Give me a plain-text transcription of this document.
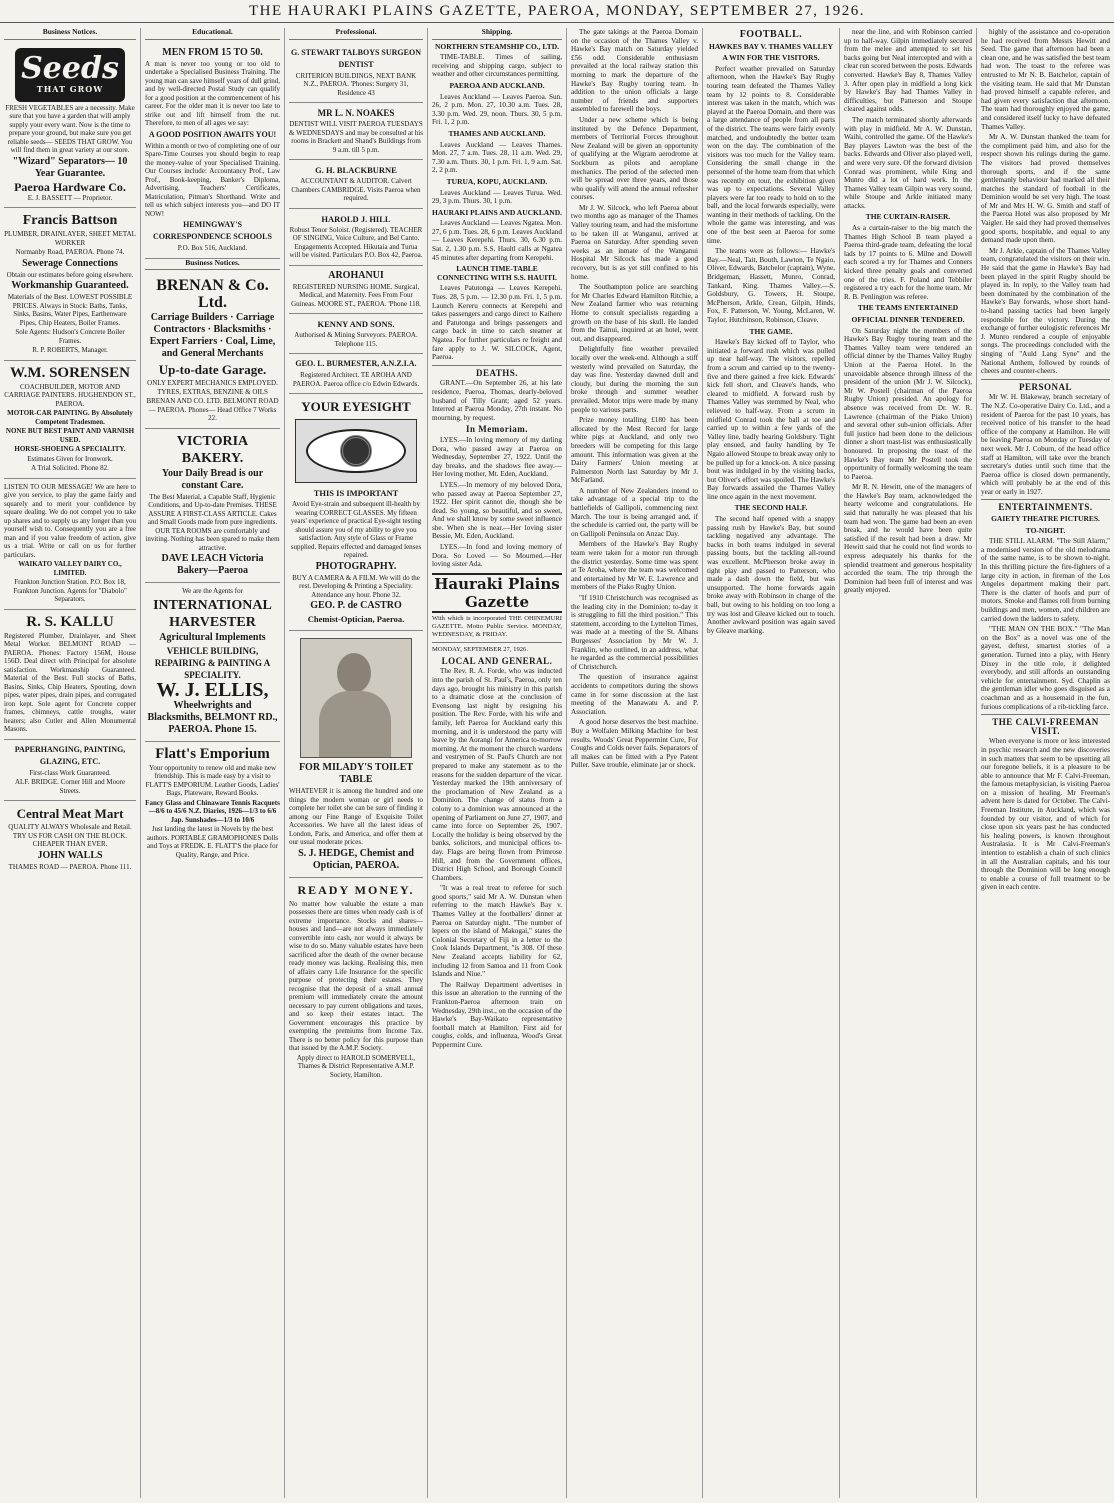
THE HAURAKI PLAINS GAZETTE, PAEROA, MONDAY, SEPTEMBER 27, 1926.
Business Notices.
Seeds
THAT GROW

FRESH VEGETABLES are a necessity. Make sure that you have a garden that will amply supply your every want. Now is the time to prepare your ground, but make sure you get reliable seeds— SEEDS THAT GROW. You will find them in great variety at our store.

"Wizard" Separators— 10 Year Guarantee.

Paeroa Hardware Co.

E. J. BASSETT — Proprietor.

Francis Battson

PLUMBER, DRAINLAYER, SHEET METAL WORKER

Normanby Road, PAEROA. Phone 74.

Sewerage Connections

Obtain our estimates before going elsewhere.

Workmanship Guaranteed.

Materials of the Best. LOWEST POSSIBLE PRICES. Always in Stock: Baths, Tanks, Sinks, Basins, Water Pipes, Earthenware Pipes, Chip Heaters, Boiler Frames.

Sole Agents: Hudson's Concrete Boiler Frames.

R. P. ROBERTS, Manager.

W.M. SORENSEN

COACHBUILDER, MOTOR AND CARRIAGE PAINTERS. HUGHENDON ST., PAEROA.

MOTOR-CAR PAINTING. By Absolutely Competent Tradesmen.

NONE BUT BEST PAINT AND VARNISH USED.

HORSE-SHOEING A SPECIALITY.

Estimates Given for Ironwork.

A Trial Solicited. Phone 82.

LISTEN TO OUR MESSAGE! We are here to give you service, to play the game fairly and squarely and to merit your confidence by square dealing. We do not compel you to take up shares and to supply us any longer than you yourself wish to. Consequently you are a free man and if you value freedom of action, give us a trial. Write or call on us for further particulars.

WAIKATO VALLEY DAIRY CO., LIMITED.

Frankton Junction Station. P.O. Box 18, Frankton Junction. Agents for "Diabolo" Separators.

R. S. KALLU

Registered Plumber, Drainlayer, and Sheet Metal Worker. BELMONT ROAD — PAEROA. Phones: Factory 156M, House 156D. Deal direct with Principal for absolute satisfaction. Workmanship Guaranteed. Material of the Best. Full stocks of Baths, Basins, Sinks, Chip Heaters, Spouting, down pipes, water pipes, drain pipes, and corrugated iron kept. Sole agent for Concrete copper frames, chimneys, cattle troughs, water heaters; also Cutler and Allen Monumental Masons.

PAPERHANGING, PAINTING, GLAZING, ETC.

First-class Work Guaranteed.

ALF. BRIDGE. Corner Hill and Moore Streets.

Central Meat Mart

QUALITY ALWAYS Wholesale and Retail. TRY US FOR CASH ON THE BLOCK. CHEAPER THAN EVER.

JOHN WALLS

THAMES ROAD — PAEROA. Phone 111.

Educational.

MEN FROM 15 TO 50.

A man is never too young or too old to undertake a Specialised Business Training. The young man can save himself years of dull grind, and by well-directed Postal Study can qualify for a good position at the commencement of his career. For the older man it is never too late to strike out and lift himself from the rut. Therefore, to men of all ages we say:

A GOOD POSITION AWAITS YOU!

Within a month or two of completing one of our Spare-Time Courses you should begin to reap the money-value of your Specialised Training. Our Courses include: Accountancy Prof., Law Prof., Book-keeping, Banker's Diploma, Advertising, Teachers' Certificates, Matriculation, Pitman's Shorthand. Write and tell us which subject interests you—and DO IT NOW!

HEMINGWAY'S CORRESPONDENCE SCHOOLS

P.O. Box 516, Auckland.

Business Notices.

BRENAN & Co. Ltd.

Carriage Builders · Carriage Contractors · Blacksmiths · Expert Farriers · Coal, Lime, and General Merchants

Up-to-date Garage.

ONLY EXPERT MECHANICS EMPLOYED. TYRES, EXTRAS, BENZINE & OILS

BRENAN AND CO. LTD. BELMONT ROAD — PAEROA. Phones— Head Office 7 Works 22.

VICTORIA BAKERY.

Your Daily Bread is our constant Care.

The Best Material, a Capable Staff, Hygienic Conditions, and Up-to-date Premises. THESE ASSURE A FIRST-CLASS ARTICLE. Cakes and Small Goods made from pure ingredients. OUR TEA ROOMS are comfortably and inviting. Nothing has been spared to make them attractive.

DAVE LEACH Victoria Bakery—Paeroa

We are the Agents for

INTERNATIONAL HARVESTER

Agricultural Implements

VEHICLE BUILDING, REPAIRING & PAINTING A SPECIALITY.

W. J. ELLIS,

Wheelwrights and Blacksmiths, BELMONT RD., PAEROA. Phone 15.

Flatt's Emporium

Your opportunity to renew old and make new friendship. This is made easy by a visit to FLATT'S EMPORIUM. Leather Goods, Ladies' Bags, Plateware, Reward Books.

Fancy Glass and Chinaware Tennis Racquets—8/6 to 45/6 N.Z. Diaries, 1926—1/3 to 6/6 Jap. Sunshades—1/3 to 10/6

Just landing the latest in Novels by the best authors. PORTABLE GRAMOPHONES Dolls and Toys at FREDK. E. FLATT'S the place for Quality, Range, and Price.

Professional.

G. STEWART TALBOYS SURGEON DENTIST

CRITERION BUILDINGS, NEXT BANK N.Z., PAEROA. 'Phones: Surgery 31, Residence 43

MR L. N. NOAKES

DENTIST WILL VISIT PAEROA TUESDAYS & WEDNESDAYS and may be consulted at his rooms in Brackett and Shand's Buildings from 9 a.m. till 5 p.m.

G. H. BLACKBURNE

ACCOUNTANT & AUDITOR. Calvert Chambers CAMBRIDGE. Visits Paeroa when required.

HAROLD J. HILL

Robust Tenor Soloist. (Registered). TEACHER OF SINGING, Voice Culture, and Bel Canto. Engagements Accepted. Hikutaia and Turua will be visited. Particulars P.O. Box 42, Paeroa.

AROHANUI

REGISTERED NURSING HOME. Surgical, Medical, and Maternity. Fees From Four Guineas. MOORE ST., PAEROA. 'Phone 118.

KENNY AND SONS.

Authorised & Mining Surveyors. PAEROA. Telephone 115.

GEO. L. BURMESTER, A.N.Z.I.A.

Registered Architect. TE AROHA AND PAEROA. Paeroa office c/o Edwin Edwards.

YOUR EYESIGHT

THIS IS IMPORTANT

Avoid Eye-strain and subsequent ill-health by wearing CORRECT GLASSES. My fifteen years' experience of practical Eye-sight testing should assure you of my ability to give you satisfaction. Any style of Glass or Frame supplied. Repairs effected and damaged lenses repaired.

PHOTOGRAPHY.

BUY A CAMERA & A FILM. We will do the rest. Developing & Printing a Speciality. Attendance any hour. Phone 32.

GEO. P. de CASTRO

Chemist-Optician, Paeroa.

FOR MILADY'S TOILET TABLE

WHATEVER it is among the hundred and one things the modern woman or girl needs to complete her toilet she can be sure of finding it among our Fine Range of Exquisite Toilet Accessories. We have all the latest ideas of London, Paris, and America, and offer them at our usual moderate prices.

S. J. HEDGE, Chemist and Optician, PAEROA.

READY MONEY.

No matter how valuable the estate a man possesses there are times when ready cash is of extreme importance. Stocks and shares—houses and land—are not always immediately convertible into cash, nor would it always be wise to do so. Many valuable estates have been sacrificed after the death of the owner because ready money was lacking. Realising this, men of affairs carry Life Insurance for the specific purpose of protecting their estates. They recognise that the deposit of a small annual premium will immediately create the amount necessary to pay current obligations and taxes, and so keep their estates intact. The Government encourages this practice by exempting the premiums from Income Tax. There is no better policy for this purpose than that issued by the A.M.P. Society.

Apply direct to HAROLD SOMERVELL, Thames & District Representative A.M.P. Society, Hamilton.

Shipping.
NORTHERN STEAMSHIP CO., LTD.

TIME-TABLE. Times of sailing, receiving and shipping cargo, subject to weather and other circumstances permitting.

PAEROA AND AUCKLAND.

Leaves Auckland — Leaves Paeroa. Sun. 26, 2 p.m. Mon. 27, 10.30 a.m. Tues. 28, 3.30 p.m. Wed. 29, noon. Thurs. 30, 5 p.m. Fri. 1, 2 p.m.

THAMES AND AUCKLAND.

Leaves Auckland — Leaves Thames. Mon. 27, 7 a.m. Tues. 28, 11 a.m. Wed. 29, 7.30 a.m. Thurs. 30, 1 p.m. Fri. 1, 9 a.m. Sat. 2, 2 p.m.

TURUA, KOPU, AUCKLAND.

Leaves Auckland — Leaves Turua. Wed. 29, 3 p.m. Thurs. 30, 1 p.m.

HAURAKI PLAINS AND AUCKLAND.

Leaves Auckland — Leaves Ngatea. Mon. 27, 6 p.m. Tues. 28, 6 p.m. Leaves Auckland — Leaves Kerepehi. Thurs. 30, 6.30 p.m. Sat. 2, 1.30 p.m. S.S. Haultl calls at Ngatea 45 minutes after departing from Kerepehi.

LAUNCH TIME-TABLE CONNECTING WITH S.S. HAUITI.

Leaves Patutonga — Leaves Kerepehi. Tues. 28, 5 p.m. — 12.30 p.m. Fri. 1, 5 p.m. Launch Kereru connects at Kerepehi and takes passengers and cargo direct to Kaihere and Patutonga and brings passengers and cargo back in time to catch steamer at Ngatea. For further particulars re freight and fare apply to J. W. SILCOCK, Agent, Paeroa.

DEATHS.

GRANT.—On September 26, at his late residence, Paeroa, Thomas, dearly-beloved husband of Tilly Grant; aged 52 years. Interred at Paeroa Monday, 27th instant. No mourning, by request.

In Memoriam.

LYES.—In loving memory of my darling Dora, who passed away at Paeroa on Wednesday, September 27, 1922. Until the day breaks, and the shadows flee away.—Her loving mother, Mt. Eden, Auckland.

LYES.—In memory of my beloved Dora, who passed away at Paeroa September 27, 1922. Her spirit cannot die, though she be dead. So young, so beautiful, and so sweet, And we shall know by some sweet influence she. When she is near.—Her loving sister Bessie, Mt. Eden, Auckland.

LYES.—In fond and loving memory of Dora. So Loved — So Mourned.—Her loving sister Ada.

Hauraki Plains Gazette

With which is incorporated THE OHINEMURI GAZETTE. Motto Public Service. MONDAY, WEDNESDAY, & FRIDAY.

MONDAY, SEPTEMBER 27, 1926.

LOCAL AND GENERAL.

The Rev. R. A. Forde, who was inducted into the parish of St. Paul's, Paeroa, only ten days ago, brought his ministry in this parish to a dramatic close at the conclusion of Evensong last night by resigning his position. The Rev. Forde, with his wife and family, left Paeroa for Auckland early this morning, and it is understood the party will leave by the Aorangi for America to-morrow morning. At the moment the church wardens and vestrymen of St. Paul's Church are not prepared to make any statement as to the reasons for the sudden departure of the vicar. Yesterday marked the 19th anniversary of the proclamation of New Zealand as a Dominion. The change of status from a colony to a dominion was announced at the opening of Parliament on June 27, 1907, and came into force on September 26, 1907. Locally the holiday is being observed by the banks, solicitors, and municipal offices to-day. Flags are being flown from Primrose Hill, and from the Government offices, District High School, and Borough Council Chambers.

"It was a real treat to referee for such good sports," said Mr A. W. Dunstan when referring to the match Hawke's Bay v. Thames Valley at the footballers' dinner at Paeroa on Saturday night. "The number of lepers on the island of Makogai," states the Colonial Secretary of Fiji in a letter to the Cook Islands Department, "is 308. Of these New Zealand accepts liability for 62, including 12 from Samoa and 11 from Cook Islands and Niue."

The Railway Department advertises in this issue an alteration to the running of the Frankton-Paeroa afternoon train on Wednesday, 29th inst., on the occasion of the Hawke's Bay-Waikato representative football match at Hamilton. First aid for coughs, colds, and influenza, Wood's Great Peppermint Cure.

The gate takings at the Paeroa Domain on the occasion of the Thames Valley v. Hawke's Bay match on Saturday yielded £56 odd. Considerable enthusiasm prevailed at the local railway station this morning to mark the departure of the Hawke's Bay Rugby touring team. In addition to the union officials a large number of friends and supporters assembled to farewell the boys.

Under a new scheme which is being instituted by the Defence Department, members of Territorial Forces throughout New Zealand will be given an opportunity of qualifying at the Wigram aerodrome at Sockburn as pilots and aeroplane mechanics. The period of the selected men will be spread over three years, and those who qualify will attend the annual refresher courses.

Mr J. W. Silcock, who left Paeroa about two months ago as manager of the Thames Valley touring team, and had the misfortune to be taken ill at Wanganui, arrived at Paeroa on Saturday. After spending seven weeks as an inmate of the Wanganui Hospital Mr Silcock has made a good recovery, but is as yet still confined to his home.

The Southampton police are searching for Mr Charles Edward Hamilton Ritchie, a New Zealand farmer who was returning Home to consult specialists regarding a growth on the base of his skull. He landed from the Tainui, inquired at an hotel, went out, and disappeared.

Delightfully fine weather prevailed locally over the week-end. Although a stiff westerly wind prevailed on Saturday, the day was fine. Yesterday dawned dull and cloudy, but during the morning the sun broke through and summer weather prevailed. Motor trips were made by many people to various parts.

Prize money totalling £180 has been allocated by the Mest Record for large white pigs at Auckland, and only two breeders will be competing for this large amount. This information was given at the Dairy Farmers' Union meeting at Palmerston North last Saturday by Mr J. McFarland.

A number of New Zealanders intend to take advantage of a special trip to the battlefields of Gallipoli, commencing next March. The tour is being arranged and, if the schedule is carried out, the party will be on Gallipoli Peninsula on Anzac Day.

Members of the Hawke's Bay Rugby team were taken for a motor run through the district yesterday. Some time was spent at Te Aroha, where the team was welcomed and entertained by Mr W. E. Lawrence and members of the Piako Rugby Union.

"If 1910 Christchurch was recognised as the leading city in the Dominion; to-day it is struggling to fill the third position." This statement, according to the Lyttelton Times, was made at a meeting of the St. Albans Burgesses' Association by Mr W. J. Franklin, who outlined, in an address, what he regarded as the commercial possibilities of Christchurch.

The question of insurance against accidents to competitors during the shows came in for some discussion at the last meeting of the Manawatu A. and P. Association.

A good horse deserves the best machine. Buy a Wolfalen Milking Machine for best results. Woods' Great Peppermint Cure, For Coughs and Colds never fails. Separators of all makes can be fitted with a Pye Patent Puller. Save trouble, eliminate jar or shock.

FOOTBALL.
HAWKES BAY V. THAMES VALLEY
A WIN FOR THE VISITORS.

Perfect weather prevailed on Saturday afternoon, when the Hawke's Bay Rugby touring team defeated the Thames Valley team by 12 points to 8. Considerable interest was taken in the match, which was played at the Paeroa Domain, and there was a large attendance of people from all parts of the district. The teams were fairly evenly matched, and undoubtedly the better team won on the day. The combination of the visitors was too much for the Valley team. Considering the small change in the personnel of the home team from that which was recently on tour, the exhibition given was up to expectations. Several Valley players were far too ready to hold on to the ball, and the local forwards especially, were wanting in their methods of tackling. On the whole the game was interesting, and was one of the best seen at Paeroa for some time.

The teams were as follows:— Hawke's Bay.—Neal, Tait, Bouth, Lawton, Te Ngaio, Oliver, Edwards, Batchelor (captain), Wyne, Bridgeman, Hassett, Munro, Conrad, Tankard, King. Thames Valley.—S. Goldsbury, G. Towers, H. Stoupe, McPherson, Arkle, Crean, Gilpin, Hinds, Fox, F. Patterson, W. Young, McLaren, W. Taylor, Hutchinson, Robinson, Cleave.

THE GAME.

Hawke's Bay kicked off to Taylor, who initiated a forward rush which was pulled up near half-way. The visitors, repelled from a scrum and carried up to the twenty-five and there gained a free kick. Edwards' kick fell short, and Cleave's hands, who cleared to midfield. A forward rush by Thames Valley was stemmed by Neal, who relieved to half-way. From a scrum in midfield Conrad took the ball at toe and carried up to within a few yards of the Valley line, badly hearing Goldsbury. Tight play ensued, and faulty handling by Te Ngaio allowed Stoupe to break away only to be pulled up for a knock-on. A nice passing bout was indulged in by the visiting backs, but Oliver's effort was spoiled. The Hawke's Bay forwards assailed the Thames Valley line once again in the next movement.

THE SECOND HALF.

The second half opened with a snappy passing rush by Hawke's Bay, but sound tackling negatived any advantage. The backs in both teams indulged in several passing bouts, but the tackling all-round was excellent. McPherson broke away in tight play and passed to Patterson, who made a dash down the field, but was unsupported. The home forwards again broke away with Robinson in charge of the ball, but owing to his holding on too long a try was lost and Gleave kicked out to touch. Another awkward position was again saved by Gleave marking.

near the line, and with Robinson carried up to half-way. Gilpin immediately secured from the melee and attempted to set his backs going but Neal intercepted and with a clear run scored between the posts. Edwards converted. Hawke's Bay 8, Thames Valley 3. After open play in midfield a long kick by Hawke's Bay had Thames Valley in difficulties, but Patterson and Stoupe cleared against odds.

The match terminated shortly afterwards with play in midfield. Mr A. W. Dunstan, Waihi, controlled the game. Of the Hawke's Bay players Lawton was the best of the backs. Edwards and Oliver also played well, and were very sure. Of the forward division Conrad was prominent, while King and Munro did a lot of hard work. In the Thames Valley team Gilpin was very sound, while Stoupe and Arkle initiated many attacks.

THE CURTAIN-RAISER.

As a curtain-raiser to the big match the Thames High School B team played a Paeroa third-grade team, defeating the local lads by 17 points to 6. Milne and Dowell each scored a try for Thames and Conners kicked three penalty goals and converted one of the tries. F. Poland and Tebbiler registered a try each for the home team. Mr R. B. Penlington was referee.

THE TEAMS ENTERTAINED
OFFICIAL DINNER TENDERED.

On Saturday night the members of the Hawke's Bay Rugby touring team and the Thames Valley team were tendered an official dinner by the Thames Valley Rugby Union at the Paeroa Hotel. In the unavoidable absence through illness of the president of the union (Mr J. W. Silcock), Mr W. Postell (chairman of the Paeroa Rugby Union) presided. An apology for absence was received from Dr. W. R. Lawrence (chairman of the Piako Union) and several other sub-union officials. After full justice had been done to the delicious dinner a short toast-list was enthusiastically honoured. In proposing the toast of the Hawke's Bay team Mr Postell took the opportunity of formally welcoming the team to Paeroa.

Mr R. N. Hewitt, one of the managers of the Hawke's Bay team, acknowledged the hearty welcome and congratulations. He said that naturally he was pleased that his team had won. The game had been an even break, and he would have been quite satisfied if the result had been a draw. Mr Hewitt said that he could not find words to express adequately his thanks for the splendid treatment and generous hospitality accorded the team. The trip through the Dominion had been full of interest and was greatly enjoyed.

highly of the assistance and co-operation he had received from Messrs Hewitt and Seed. The game that afternoon had been a clean one, and he was satisfied the best team had won. The toast to the referee was entrusted to Mr N. B. Batchelor, captain of the visiting team. He said that Mr Dunstan had proved himself a capable referee, and had given every satisfaction that afternoon. The team had thoroughly enjoyed the game, and considered itself lucky to have defeated Thames Valley.

Mr A. W. Dunstan thanked the team for the compliment paid him, and also for the respect shown his rulings during the game. The visitors had proved themselves thorough sports, and if the same gentlemanly behaviour had marked all their matches the standard of football in the Dominion would be set very high. The toast of Mr and Mrs H. W. G. Smith and staff of the Paeroa Hotel was also proposed by Mr Vaigler. He said they had proved themselves good sports, hospitable, and equal to any demand made upon them.

Mr J. Arkle, captain of the Thames Valley team, congratulated the visitors on their win. He said that the game in Hawke's Bay had been played in the spirit Rugby should be played in. In reply, to the Valley team had been dominated by the combination of the Hawke's Bay forwards, whose short hand-to-hand passing tactics had been largely responsible for the victory. During the exchange of further eulogistic references Mr J. Munro rendered a couple of enjoyable songs. The proceedings concluded with the singing of "Auld Lang Syne" and the National Anthem, followed by rounds of cheers and counter-cheers.

PERSONAL

Mr W. H. Blakeway, branch secretary of The N.Z. Co-operative Dairy Co. Ltd., and a resident of Paeroa for the past 10 years, has received notice of his transfer to the head office of the company at Hamilton. He will be leaving Paeroa on Monday or Tuesday of next week. Mr J. Coburn, of the head office staff at Hamilton, will take over the branch secretary's duties until such time that the Paeroa office is closed down permanently, which will probably be at the end of this year or early in 1927.

ENTERTAINMENTS.
GAIETY THEATRE PICTURES.
TO-NIGHT.

THE STILL ALARM. "The Still Alarm," a modernised version of the old melodrama of the same name, is to be shown to-night. In this thrilling picture the fire-fighters of a large city in action, in fireman of the Los Angeles department making their part. There is the clatter of hoofs and purr of motors. Smoke and flames roll from burning buildings and men, women, and children are carried down the ladders to safety.

"THE MAN ON THE BOX." "The Man on the Box" as a novel was one of the gayest, deftest, smartest stories of a generation. Turned into a play, with Henry Dixey in the title role, it delighted everybody, and still affords an outstanding vehicle for entertainment. Syd. Chaplin as the gentleman idler who goes disguised as a coachman and as a housemaid in the fun, furious complications of a rib-tickling farce.

THE CALVI-FREEMAN VISIT.

When everyone is more or less interested in psychic research and the new discoveries in such matters that seem to be upsetting all our foregone beliefs, it is a pleasure to be able to announce that Mr F. Calvi-Freeman, the famous metaphysician, is visiting Paeroa on a mission of healing. Mr Freeman's advent here is dated for October. The Calvi-Freeman Institute, in Auckland, which was founded by our visitor, and of which for close upon six years past he has conducted his healing powers, is known throughout Australasia. It is Mr Calvi-Freeman's intention to establish a chain of such clinics in all the Australian capitals, and his tour through the Dominion will be long enough to enable a course of full treatment to be given in each centre.
